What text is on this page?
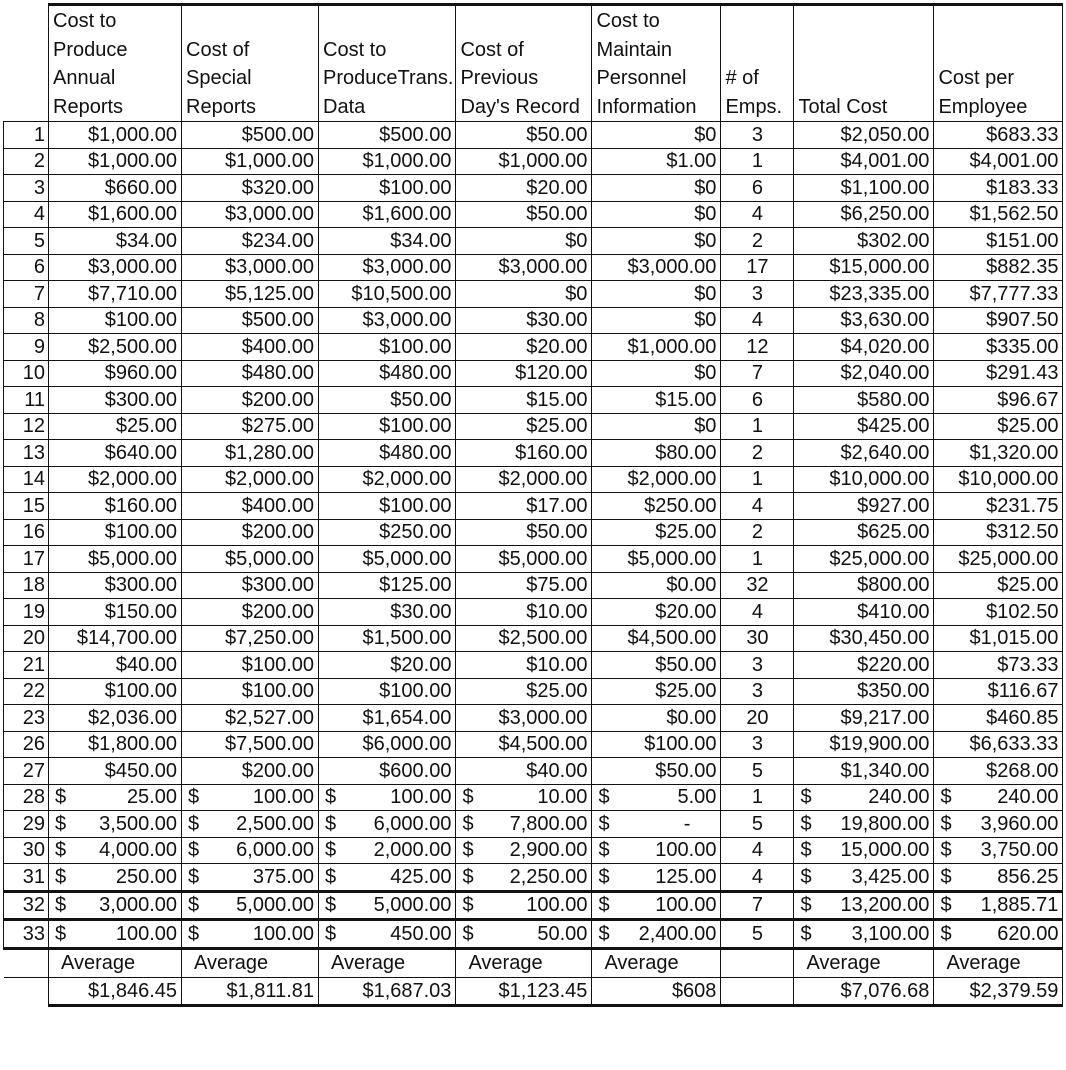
	Cost to Produce Annual Reports	Cost of Special Reports	Cost to ProduceTrans. Data	Cost of Previous Day's Record	Cost to Maintain Personnel Information	# of Emps.	Total Cost	Cost per Employee
1	$1,000.00	$500.00	$500.00	$50.00	$0	3	$2,050.00	$683.33
2	$1,000.00	$1,000.00	$1,000.00	$1,000.00	$1.00	1	$4,001.00	$4,001.00
3	$660.00	$320.00	$100.00	$20.00	$0	6	$1,100.00	$183.33
4	$1,600.00	$3,000.00	$1,600.00	$50.00	$0	4	$6,250.00	$1,562.50
5	$34.00	$234.00	$34.00	$0	$0	2	$302.00	$151.00
6	$3,000.00	$3,000.00	$3,000.00	$3,000.00	$3,000.00	17	$15,000.00	$882.35
7	$7,710.00	$5,125.00	$10,500.00	$0	$0	3	$23,335.00	$7,777.33
8	$100.00	$500.00	$3,000.00	$30.00	$0	4	$3,630.00	$907.50
9	$2,500.00	$400.00	$100.00	$20.00	$1,000.00	12	$4,020.00	$335.00
10	$960.00	$480.00	$480.00	$120.00	$0	7	$2,040.00	$291.43
11	$300.00	$200.00	$50.00	$15.00	$15.00	6	$580.00	$96.67
12	$25.00	$275.00	$100.00	$25.00	$0	1	$425.00	$25.00
13	$640.00	$1,280.00	$480.00	$160.00	$80.00	2	$2,640.00	$1,320.00
14	$2,000.00	$2,000.00	$2,000.00	$2,000.00	$2,000.00	1	$10,000.00	$10,000.00
15	$160.00	$400.00	$100.00	$17.00	$250.00	4	$927.00	$231.75
16	$100.00	$200.00	$250.00	$50.00	$25.00	2	$625.00	$312.50
17	$5,000.00	$5,000.00	$5,000.00	$5,000.00	$5,000.00	1	$25,000.00	$25,000.00
18	$300.00	$300.00	$125.00	$75.00	$0.00	32	$800.00	$25.00
19	$150.00	$200.00	$30.00	$10.00	$20.00	4	$410.00	$102.50
20	$14,700.00	$7,250.00	$1,500.00	$2,500.00	$4,500.00	30	$30,450.00	$1,015.00
21	$40.00	$100.00	$20.00	$10.00	$50.00	3	$220.00	$73.33
22	$100.00	$100.00	$100.00	$25.00	$25.00	3	$350.00	$116.67
23	$2,036.00	$2,527.00	$1,654.00	$3,000.00	$0.00	20	$9,217.00	$460.85
26	$1,800.00	$7,500.00	$6,000.00	$4,500.00	$100.00	3	$19,900.00	$6,633.33
27	$450.00	$200.00	$600.00	$40.00	$50.00	5	$1,340.00	$268.00
28	$ 25.00	$ 100.00	$ 100.00	$ 10.00	$ 5.00	1	$ 240.00	$ 240.00

29	$ 3,500.00	$ 2,500.00	$ 6,000.00	$ 7,800.00	$ -	5	$ 19,800.00	$ 3,960.00

30	$ 4,000.00	$ 6,000.00	$ 2,000.00	$ 2,900.00	$ 100.00	4	$ 15,000.00	$ 3,750.00

31	$ 250.00	$ 375.00	$ 425.00	$ 2,250.00	$ 125.00	4	$ 3,425.00	$ 856.25

32	$ 3,000.00	$ 5,000.00	$ 5,000.00	$ 100.00	$ 100.00	7	$ 13,200.00	$ 1,885.71

33	$ 100.00	$ 100.00	$ 450.00	$ 50.00	$ 2,400.00	5	$ 3,100.00	$ 620.00

	Average	Average	Average	Average	Average		Average	Average
	$1,846.45	$1,811.81	$1,687.03	$1,123.45	$608		$7,076.68	$2,379.59
